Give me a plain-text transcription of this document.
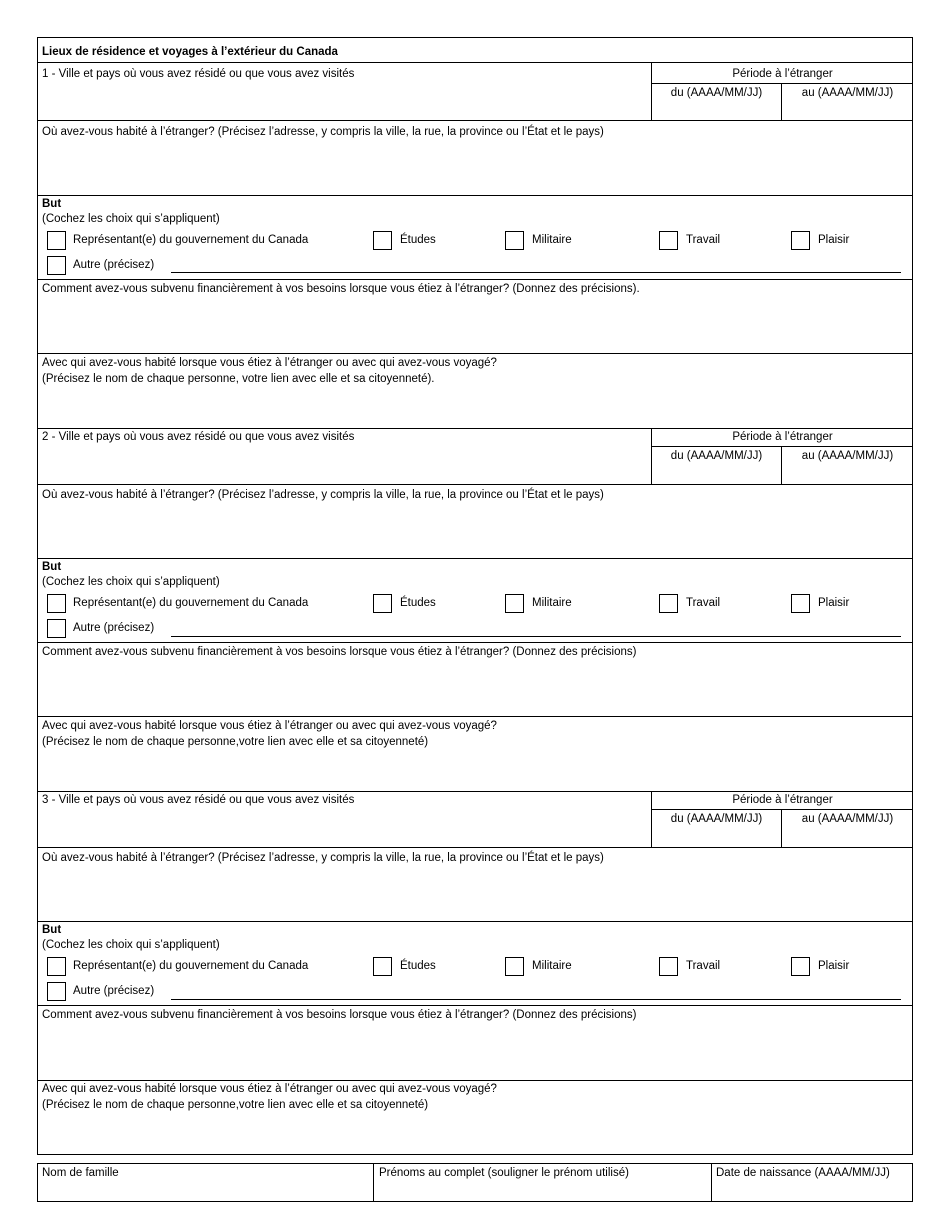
Lieux de résidence et voyages à l’extérieur du Canada
1 - Ville et pays où vous avez résidé ou que vous avez visités	Période à l’étranger
du (AAAA/MM/JJ)	au (AAAA/MM/JJ)
Où avez-vous habité à l’étranger? (Précisez l’adresse, y compris la ville, la rue, la province ou l’État et le pays)
But
(Cochez les choix qui s’appliquent)
Représentant(e) du gouvernement du Canada	Études	Militaire	Travail	Plaisir
Autre (précisez)
Comment avez-vous subvenu financièrement à vos besoins lorsque vous étiez à l’étranger? (Donnez des précisions).
Avec qui avez-vous habité lorsque vous étiez à l’étranger ou avec qui avez-vous voyagé?
(Précisez le nom de chaque personne, votre lien avec elle et sa citoyenneté).
2 - Ville et pays où vous avez résidé ou que vous avez visités	Période à l’étranger
du (AAAA/MM/JJ)	au (AAAA/MM/JJ)
Où avez-vous habité à l’étranger? (Précisez l’adresse, y compris la ville, la rue, la province ou l’État et le pays)
But
(Cochez les choix qui s’appliquent)
Représentant(e) du gouvernement du Canada	Études	Militaire	Travail	Plaisir
Autre (précisez)
Comment avez-vous subvenu financièrement à vos besoins lorsque vous étiez à l’étranger? (Donnez des précisions)
Avec qui avez-vous habité lorsque vous étiez à l’étranger ou avec qui avez-vous voyagé?
(Précisez le nom de chaque personne,votre lien avec elle et sa citoyenneté)
3 - Ville et pays où vous avez résidé ou que vous avez visités	Période à l’étranger
du (AAAA/MM/JJ)	au (AAAA/MM/JJ)
Où avez-vous habité à l’étranger? (Précisez l’adresse, y compris la ville, la rue, la province ou l’État et le pays)
But
(Cochez les choix qui s’appliquent)
Représentant(e) du gouvernement du Canada	Études	Militaire	Travail	Plaisir
Autre (précisez)
Comment avez-vous subvenu financièrement à vos besoins lorsque vous étiez à l’étranger? (Donnez des précisions)
Avec qui avez-vous habité lorsque vous étiez à l’étranger ou avec qui avez-vous voyagé?
(Précisez le nom de chaque personne,votre lien avec elle et sa citoyenneté)
Nom de famille	Prénoms au complet (souligner le prénom utilisé)	Date de naissance (AAAA/MM/JJ)
